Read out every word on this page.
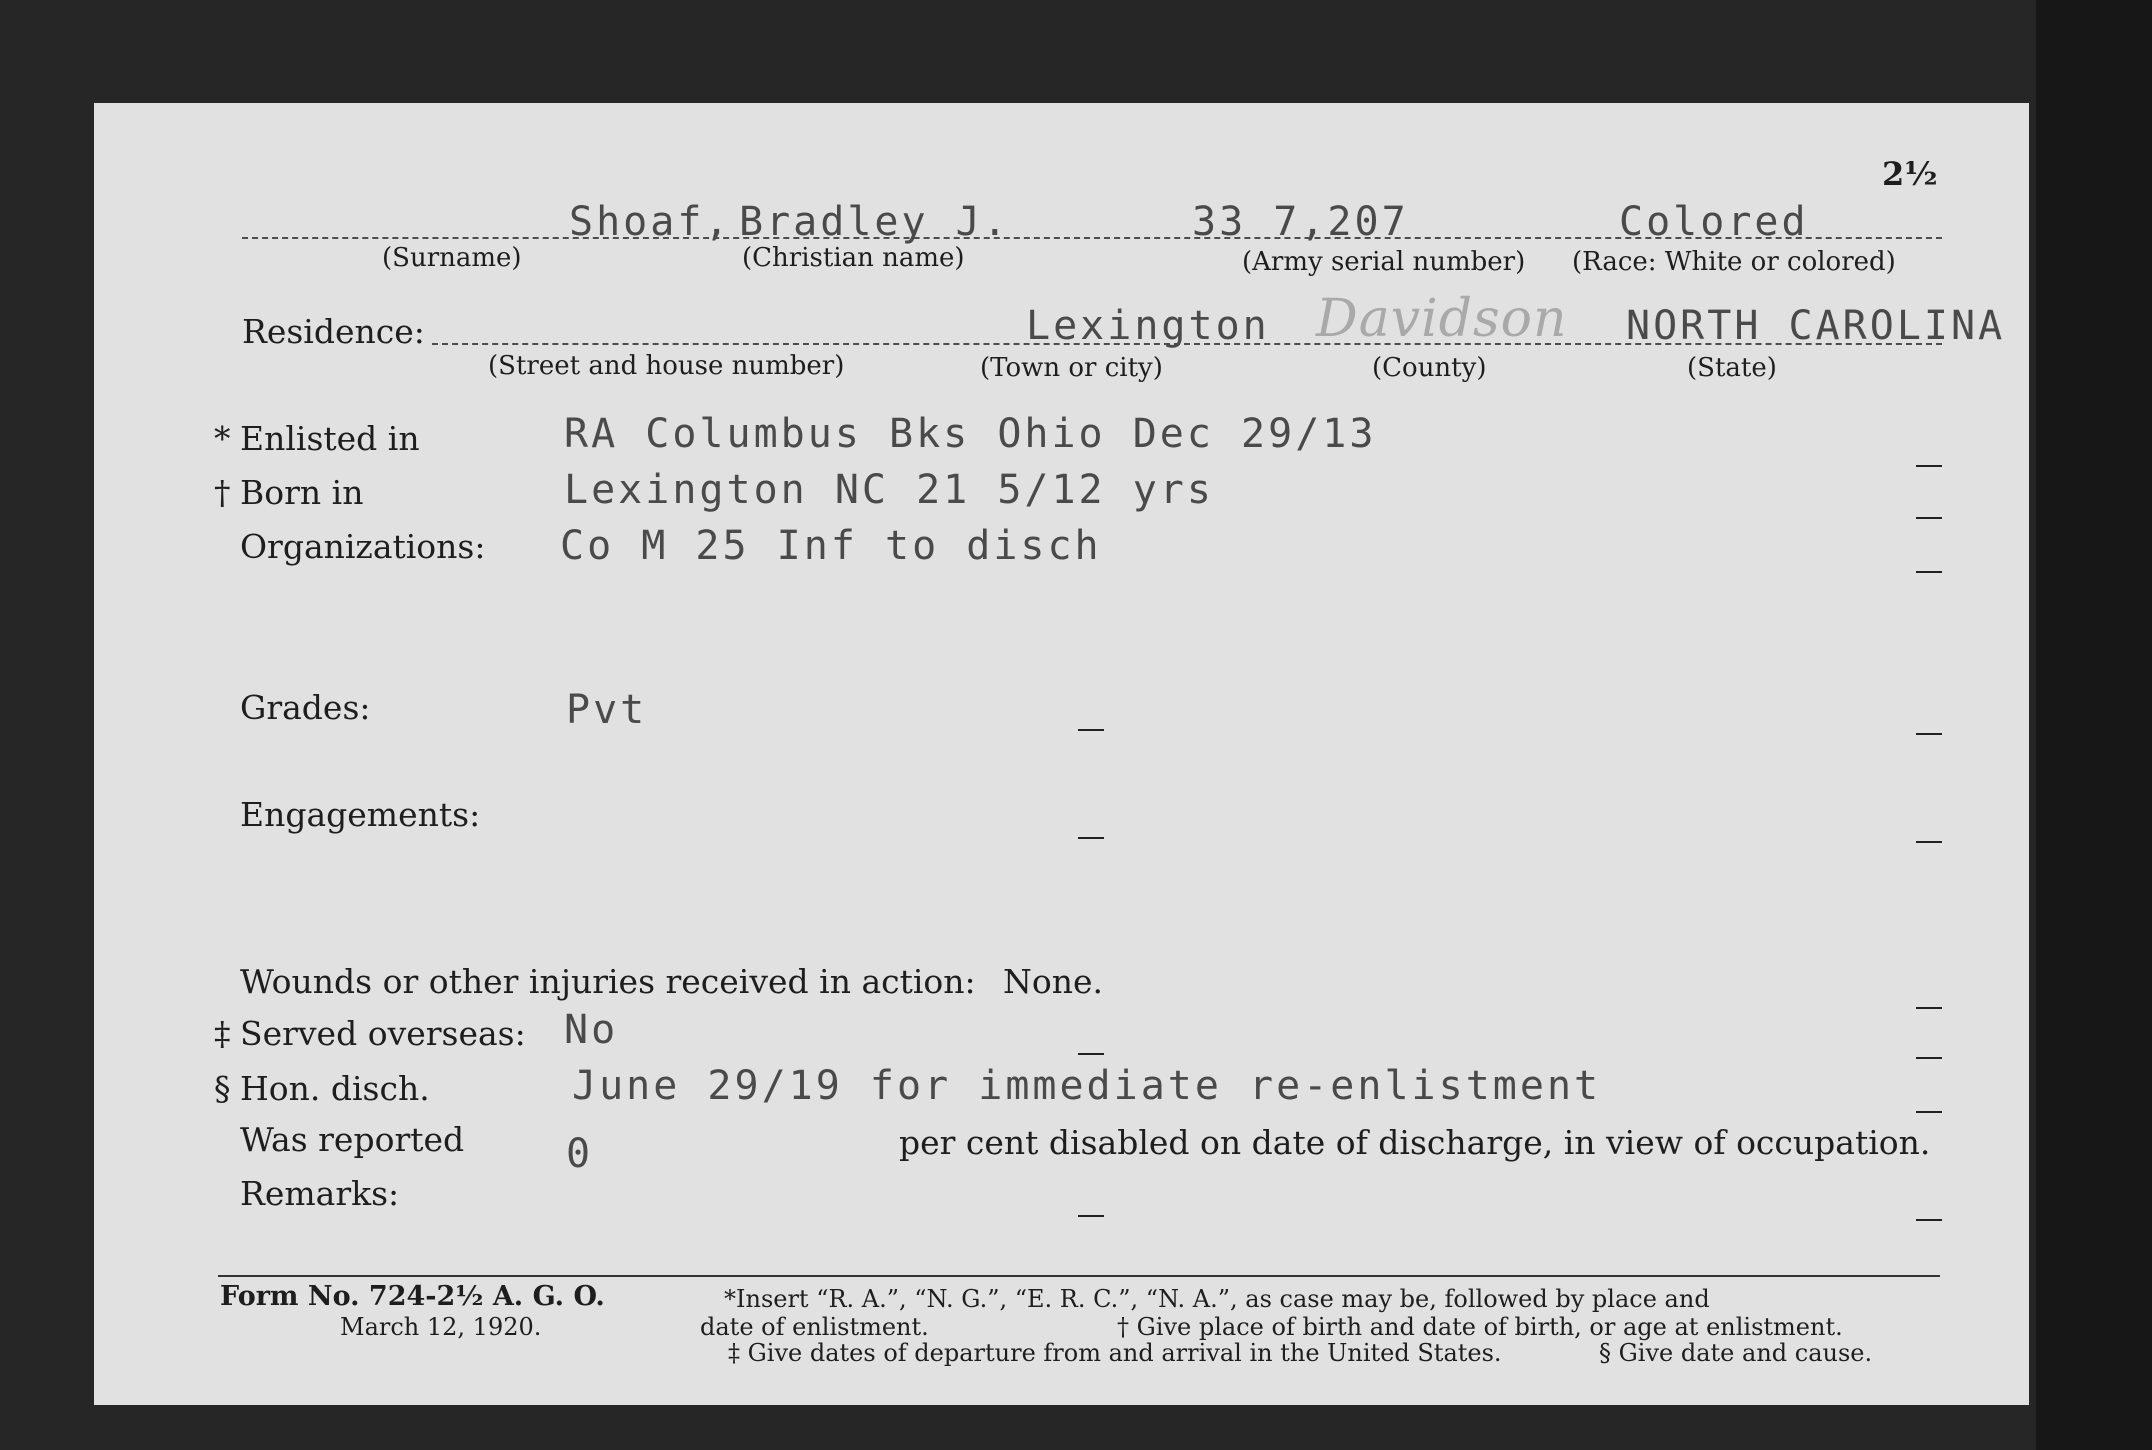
2½
Shoaf, Bradley J.	33 7,207	Colored
(Surname)	(Christian name)	(Army serial number) (Race: White or colored)
Residence:	Lexington Davidson NORTH CAROLINA
(Street and house number)	(Town or city)	(County)	(State)
* Enlisted in	RA Columbus Bks Ohio Dec 29/13
† Born in	Lexington NC 21 5/12 yrs
Organizations: Co M 25 Inf to disch
Grades:	Pvt
Engagements:
Wounds or other injuries received in action: None.
‡ Served overseas: No
§ Hon. disch.	June 29/19 for immediate re-enlistment
Was reported	0	per cent disabled on date of discharge, in view of occupation.
Remarks:
Form No. 724-2½ A. G. O.
March 12, 1920.
*Insert “R. A.”, “N. G.”, “E. R. C.”, “N. A.”, as case may be, followed by place and
date of enlistment.	† Give place of birth and date of birth, or age at enlistment.
‡ Give dates of departure from and arrival in the United States.	§ Give date and cause.
